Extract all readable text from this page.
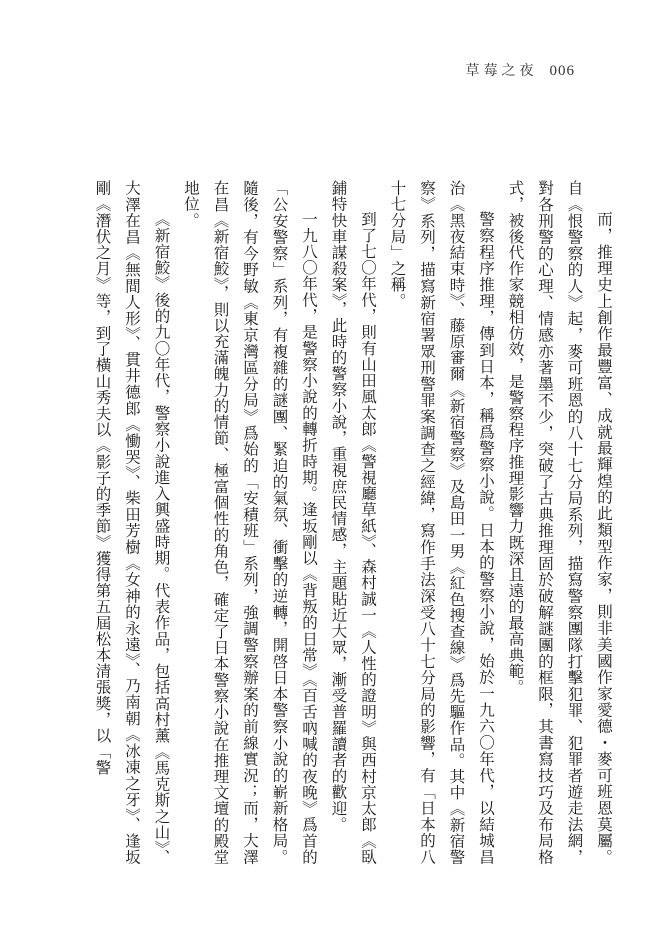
草莓之夜 006

而，推理史上創作最豐富、成就最輝煌的此類型作家，則非美國作家愛德・麥可班恩莫屬。自《恨警察的人》起，麥可班恩的八十七分局系列，描寫警察團隊打擊犯罪、犯罪者遊走法網，對各刑警的心理、情感亦著墨不少，突破了古典推理固於破解謎團的框限，其書寫技巧及布局格式，被後代作家競相仿效，是警察程序推理影響力既深且遠的最高典範。

警察程序推理，傳到日本，稱爲警察小說。日本的警察小說，始於一九六〇年代，以結城昌治《黑夜結束時》、藤原審爾《新宿警察》及島田一男《紅色搜查線》爲先驅作品。其中《新宿警察》系列，描寫新宿署眾刑警罪案調查之經緯，寫作手法深受八十七分局的影響，有「日本的八十七分局」之稱。

到了七〇年代，則有山田風太郎《警視廳草紙》、森村誠一《人性的證明》與西村京太郎《臥鋪特快車謀殺案》，此時的警察小說，重視庶民情感，主題貼近大眾，漸受普羅讀者的歡迎。

一九八〇年代，是警察小說的轉折時期。逢坂剛以《背叛的日常》《百舌吶喊的夜晚》爲首的「公安警察」系列，有複雜的謎團、緊迫的氣氛、衝擊的逆轉，開啓日本警察小說的嶄新格局。隨後，有今野敏《東京灣區分局》爲始的「安積班」系列，強調警察辦案的前線實況；而，大澤在昌《新宿鮫》，則以充滿魄力的情節、極富個性的角色，確定了日本警察小說在推理文壇的殿堂地位。

《新宿鮫》後的九〇年代，警察小說進入興盛時期。代表作品，包括高村薰《馬克斯之山》、大澤在昌《無間人形》、貫井德郎《慟哭》、柴田芳樹《女神的永遠》、乃南朝《冰凍之牙》、逢坂剛《潛伏之月》等，到了橫山秀夫以《影子的季節》獲得第五屆松本清張獎，以「警
